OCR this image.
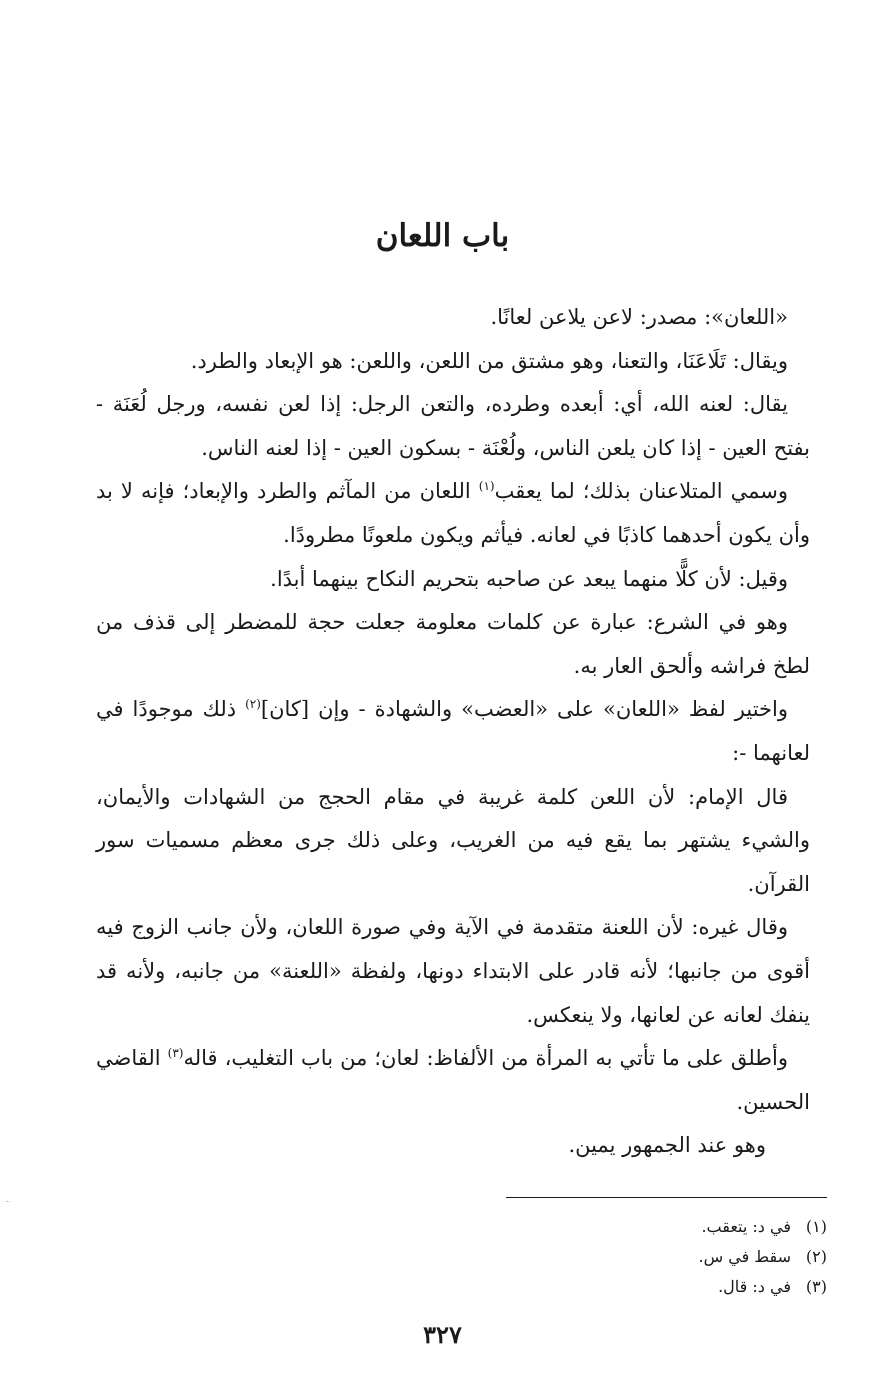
باب اللعان

«اللعان»: مصدر: لاعن يلاعن لعانًا.

ويقال: تَلَاعَنَا، والتعنا، وهو مشتق من اللعن، واللعن: هو الإبعاد والطرد.

يقال: لعنه الله، أي: أبعده وطرده، والتعن الرجل: إذا لعن نفسه، ورجل لُعَنَة - بفتح العين - إذا كان يلعن الناس، ولُعْنَة - بسكون العين - إذا لعنه الناس.

وسمي المتلاعنان بذلك؛ لما يعقب$^{(١)}$ اللعان من المآثم والطرد والإبعاد؛ فإنه لا بد وأن يكون أحدهما كاذبًا في لعانه. فيأثم ويكون ملعونًا مطرودًا.

وقيل: لأن كلًّا منهما يبعد عن صاحبه بتحريم النكاح بينهما أبدًا.

وهو في الشرع: عبارة عن كلمات معلومة جعلت حجة للمضطر إلى قذف من لطخ فراشه وألحق العار به.

واختير لفظ «اللعان» على «العضب» والشهادة - وإن [كان]$^{(٢)}$ ذلك موجودًا في لعانهما -:

قال الإمام: لأن اللعن كلمة غريبة في مقام الحجج من الشهادات والأيمان، والشيء يشتهر بما يقع فيه من الغريب، وعلى ذلك جرى معظم مسميات سور القرآن.

وقال غيره: لأن اللعنة متقدمة في الآية وفي صورة اللعان، ولأن جانب الزوج فيه أقوى من جانبها؛ لأنه قادر على الابتداء دونها، ولفظة «اللعنة» من جانبه، ولأنه قد ينفك لعانه عن لعانها، ولا ينعكس.

وأطلق على ما تأتي به المرأة من الألفاظ: لعان؛ من باب التغليب، قاله$^{(٣)}$ القاضي الحسين.

وهو عند الجمهور يمين.

(١)في د: يتعقب.

(٢)سقط في س.

(٣)في د: قال.

٣٢٧
